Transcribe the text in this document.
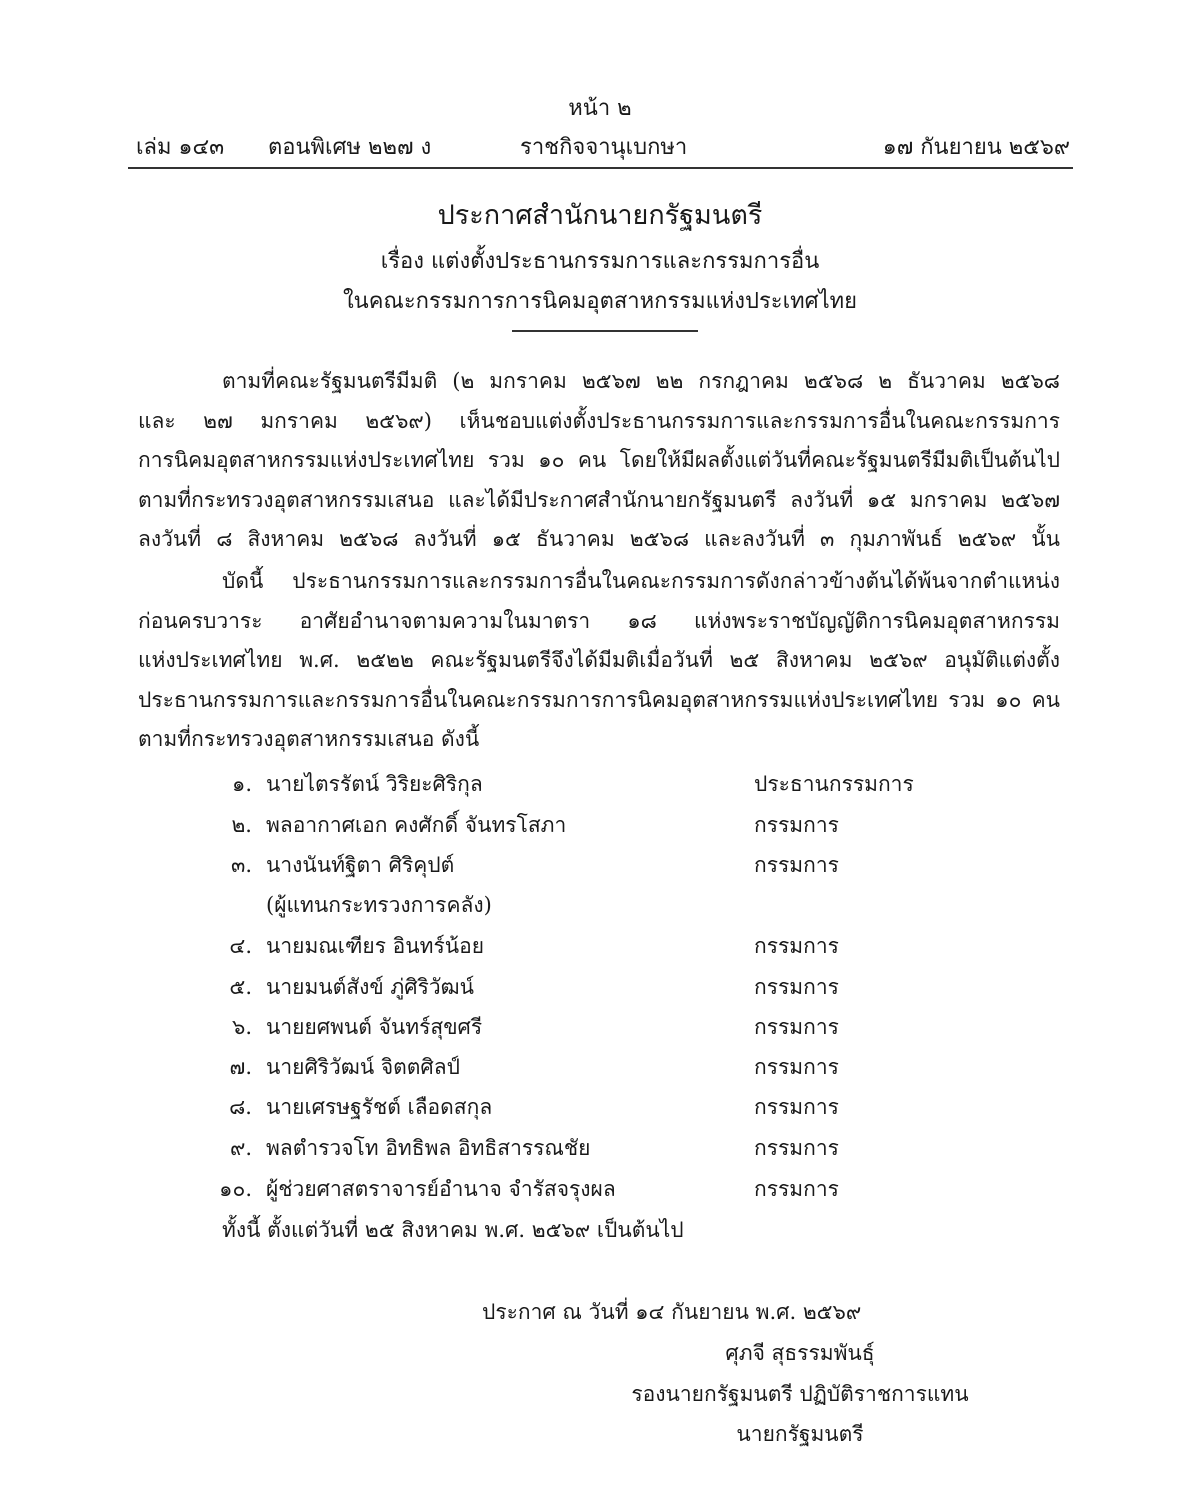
หน้า ๒
เล่ม ๑๔๓ ตอนพิเศษ ๒๒๗ ง	ราชกิจจานุเบกษา	๑๗ กันยายน ๒๕๖๙
ประกาศสำนักนายกรัฐมนตรี
เรื่อง แต่งตั้งประธานกรรมการและกรรมการอื่น
ในคณะกรรมการการนิคมอุตสาหกรรมแห่งประเทศไทย
ตามที่คณะรัฐมนตรีมีมติ (๒ มกราคม ๒๕๖๗ ๒๒ กรกฎาคม ๒๕๖๘ ๒ ธันวาคม ๒๕๖๘
และ ๒๗ มกราคม ๒๕๖๙) เห็นชอบแต่งตั้งประธานกรรมการและกรรมการอื่นในคณะกรรมการ
การนิคมอุตสาหกรรมแห่งประเทศไทย รวม ๑๐ คน โดยให้มีผลตั้งแต่วันที่คณะรัฐมนตรีมีมติเป็นต้นไป
ตามที่กระทรวงอุตสาหกรรมเสนอ และได้มีประกาศสำนักนายกรัฐมนตรี ลงวันที่ ๑๕ มกราคม ๒๕๖๗
ลงวันที่ ๘ สิงหาคม ๒๕๖๘ ลงวันที่ ๑๕ ธันวาคม ๒๕๖๘ และลงวันที่ ๓ กุมภาพันธ์ ๒๕๖๙ นั้น
บัดนี้ ประธานกรรมการและกรรมการอื่นในคณะกรรมการดังกล่าวข้างต้นได้พ้นจากตำแหน่ง
ก่อนครบวาระ อาศัยอำนาจตามความในมาตรา ๑๘ แห่งพระราชบัญญัติการนิคมอุตสาหกรรม
แห่งประเทศไทย พ.ศ. ๒๕๒๒ คณะรัฐมนตรีจึงได้มีมติเมื่อวันที่ ๒๕ สิงหาคม ๒๕๖๙ อนุมัติแต่งตั้ง
ประธานกรรมการและกรรมการอื่นในคณะกรรมการการนิคมอุตสาหกรรมแห่งประเทศไทย รวม ๑๐ คน
ตามที่กระทรวงอุตสาหกรรมเสนอ ดังนี้
๑. นายไตรรัตน์ วิริยะศิริกุล	ประธานกรรมการ
๒. พลอากาศเอก คงศักดิ์ จันทรโสภา	กรรมการ
๓. นางนันท์ฐิตา ศิริคุปต์	กรรมการ
(ผู้แทนกระทรวงการคลัง)
๔. นายมณเฑียร อินทร์น้อย	กรรมการ
๕. นายมนต์สังข์ ภู่ศิริวัฒน์	กรรมการ
๖. นายยศพนต์ จันทร์สุขศรี	กรรมการ
๗. นายศิริวัฒน์ จิตตศิลป์	กรรมการ
๘. นายเศรษฐรัชต์ เลือดสกุล	กรรมการ
๙. พลตำรวจโท อิทธิพล อิทธิสารรณชัย	กรรมการ
๑๐. ผู้ช่วยศาสตราจารย์อำนาจ จำรัสจรุงผล	กรรมการ
ทั้งนี้ ตั้งแต่วันที่ ๒๕ สิงหาคม พ.ศ. ๒๕๖๙ เป็นต้นไป
ประกาศ ณ วันที่ ๑๔ กันยายน พ.ศ. ๒๕๖๙
ศุภจี สุธรรมพันธุ์
รองนายกรัฐมนตรี ปฏิบัติราชการแทน
นายกรัฐมนตรี
